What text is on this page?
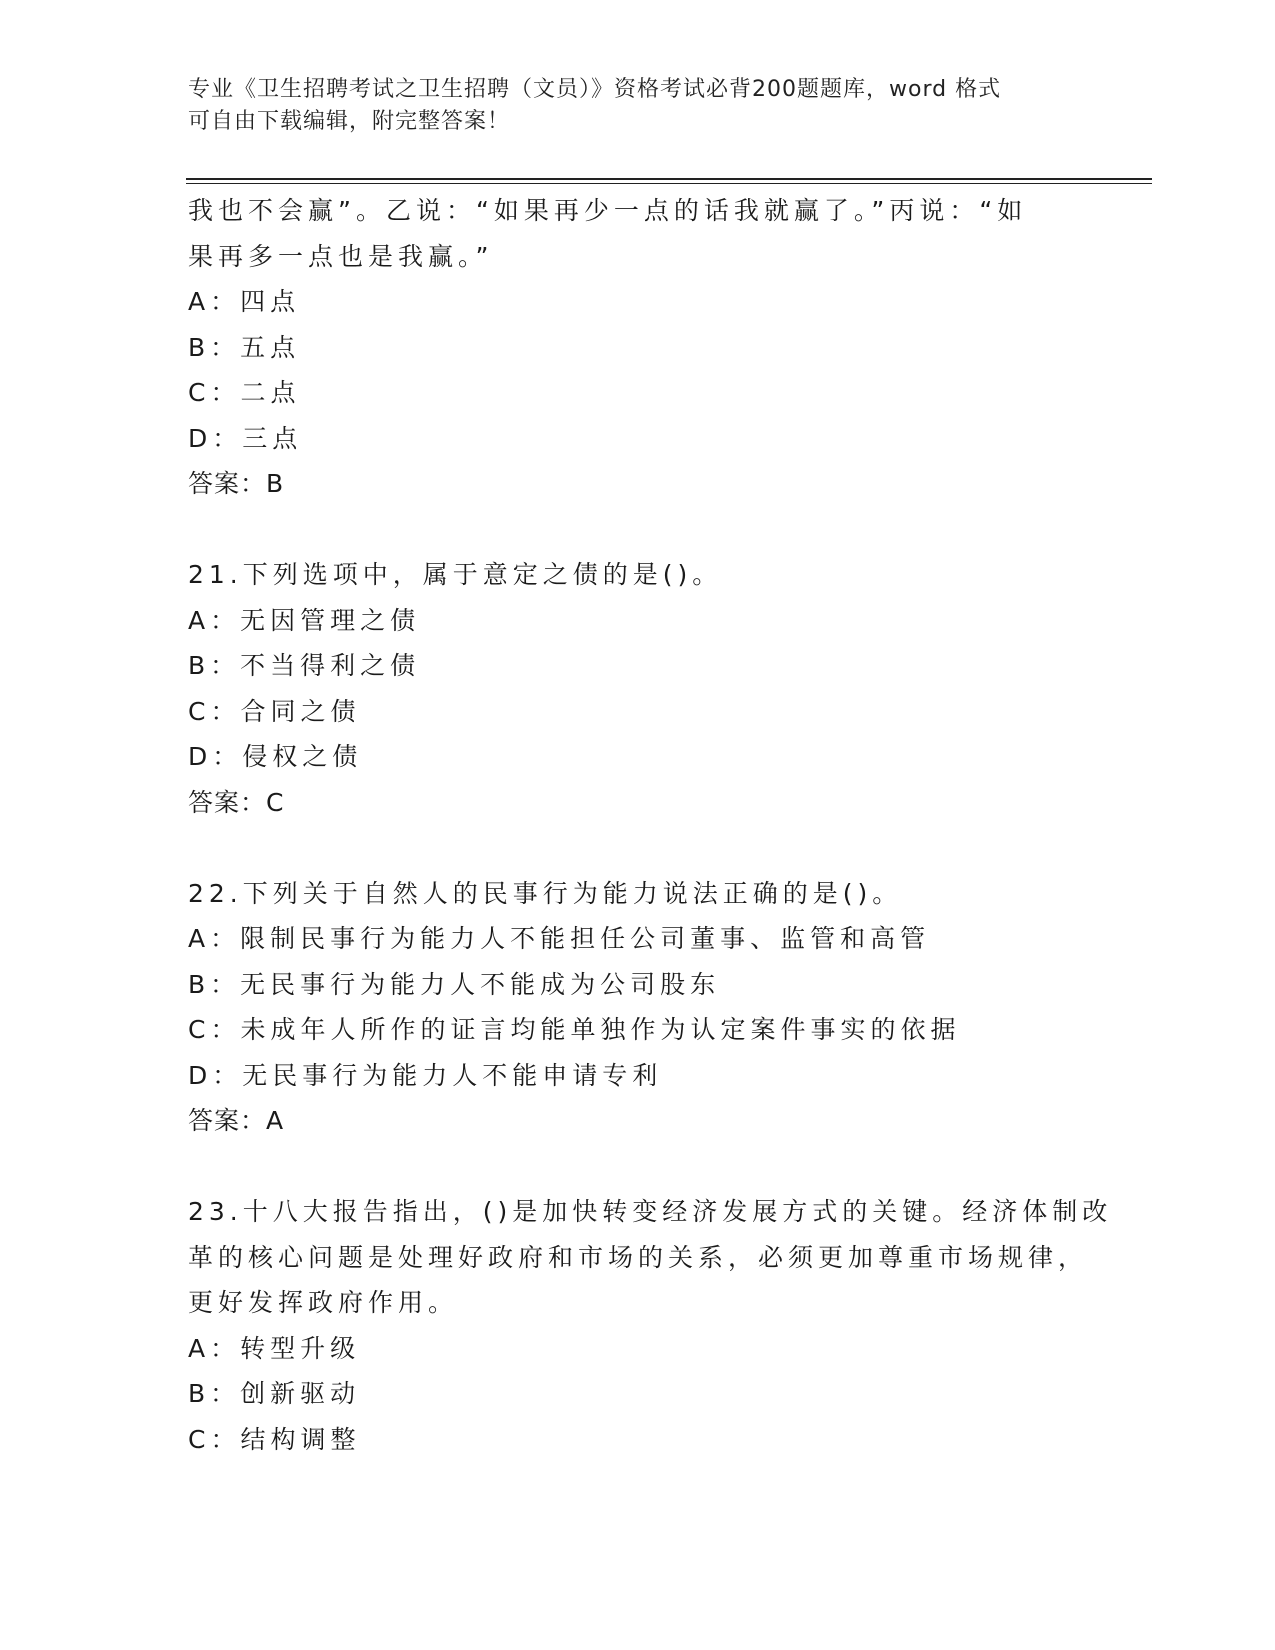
专业《卫生招聘考试之卫生招聘（文员）》资格考试必背200题题库，word 格式
可自由下载编辑，附完整答案！
我也不会赢”。乙说：“如果再少一点的话我就赢了。”丙说：“如
果再多一点也是我赢。”
A：四点
B：五点
C：二点
D：三点
答案：B
21.下列选项中，属于意定之债的是()。
A：无因管理之债
B：不当得利之债
C：合同之债
D：侵权之债
答案：C
22.下列关于自然人的民事行为能力说法正确的是()。
A：限制民事行为能力人不能担任公司董事、监管和高管
B：无民事行为能力人不能成为公司股东
C：未成年人所作的证言均能单独作为认定案件事实的依据
D：无民事行为能力人不能申请专利
答案：A
23.十八大报告指出，()是加快转变经济发展方式的关键。经济体制改
革的核心问题是处理好政府和市场的关系，必须更加尊重市场规律，
更好发挥政府作用。
A：转型升级
B：创新驱动
C：结构调整
